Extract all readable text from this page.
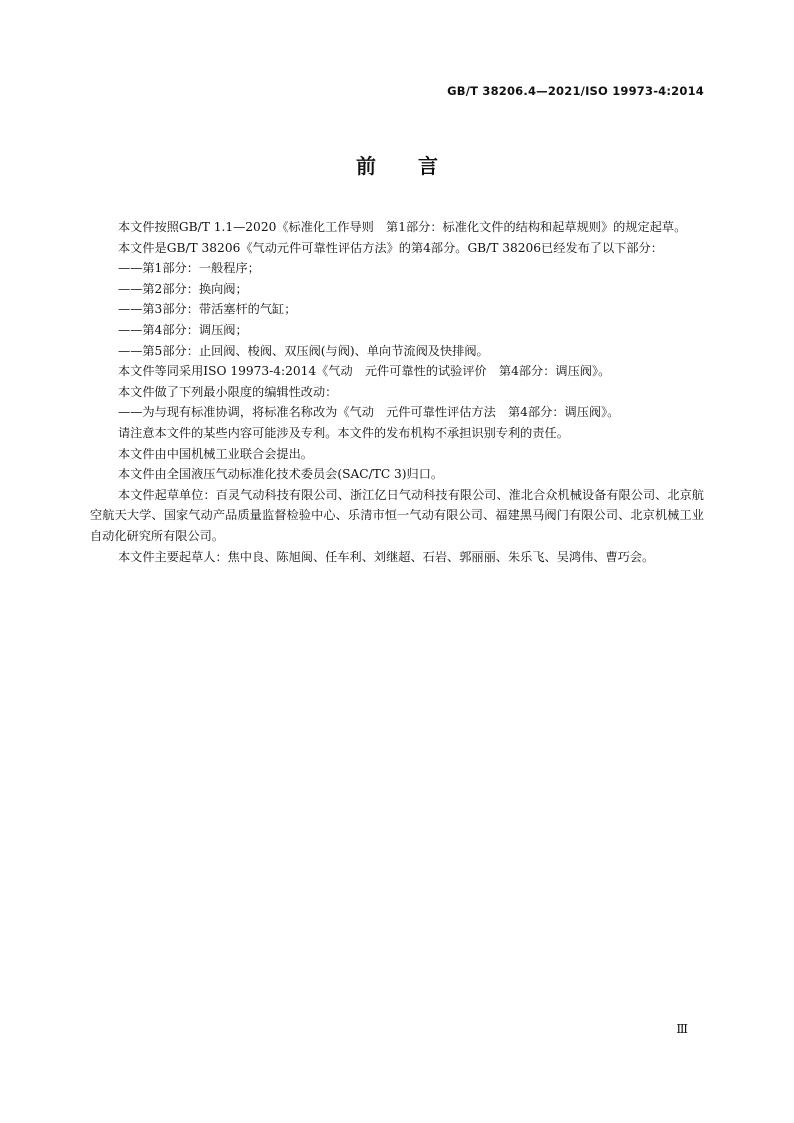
GB/T 38206.4—2021/ISO 19973-4:2014
前言

本文件按照GB/T 1.1—2020《标准化工作导则　第1部分：标准化文件的结构和起草规则》的规定起草。

本文件是GB/T 38206《气动元件可靠性评估方法》的第4部分。GB/T 38206已经发布了以下部分：

——第1部分：一般程序；

——第2部分：换向阀；

——第3部分：带活塞杆的气缸；

——第4部分：调压阀；

——第5部分：止回阀、梭阀、双压阀(与阀)、单向节流阀及快排阀。

本文件等同采用ISO 19973-4:2014《气动　元件可靠性的试验评价　第4部分：调压阀》。

本文件做了下列最小限度的编辑性改动：

——为与现有标准协调，将标准名称改为《气动　元件可靠性评估方法　第4部分：调压阀》。

请注意本文件的某些内容可能涉及专利。本文件的发布机构不承担识别专利的责任。

本文件由中国机械工业联合会提出。

本文件由全国液压气动标准化技术委员会(SAC/TC 3)归口。

本文件起草单位：百灵气动科技有限公司、浙江亿日气动科技有限公司、淮北合众机械设备有限公司、北京航空航天大学、国家气动产品质量监督检验中心、乐清市恒一气动有限公司、福建黑马阀门有限公司、北京机械工业自动化研究所有限公司。

本文件主要起草人：焦中良、陈旭闽、任车利、刘继超、石岩、郭丽丽、朱乐飞、吴鸿伟、曹巧会。

Ⅲ
